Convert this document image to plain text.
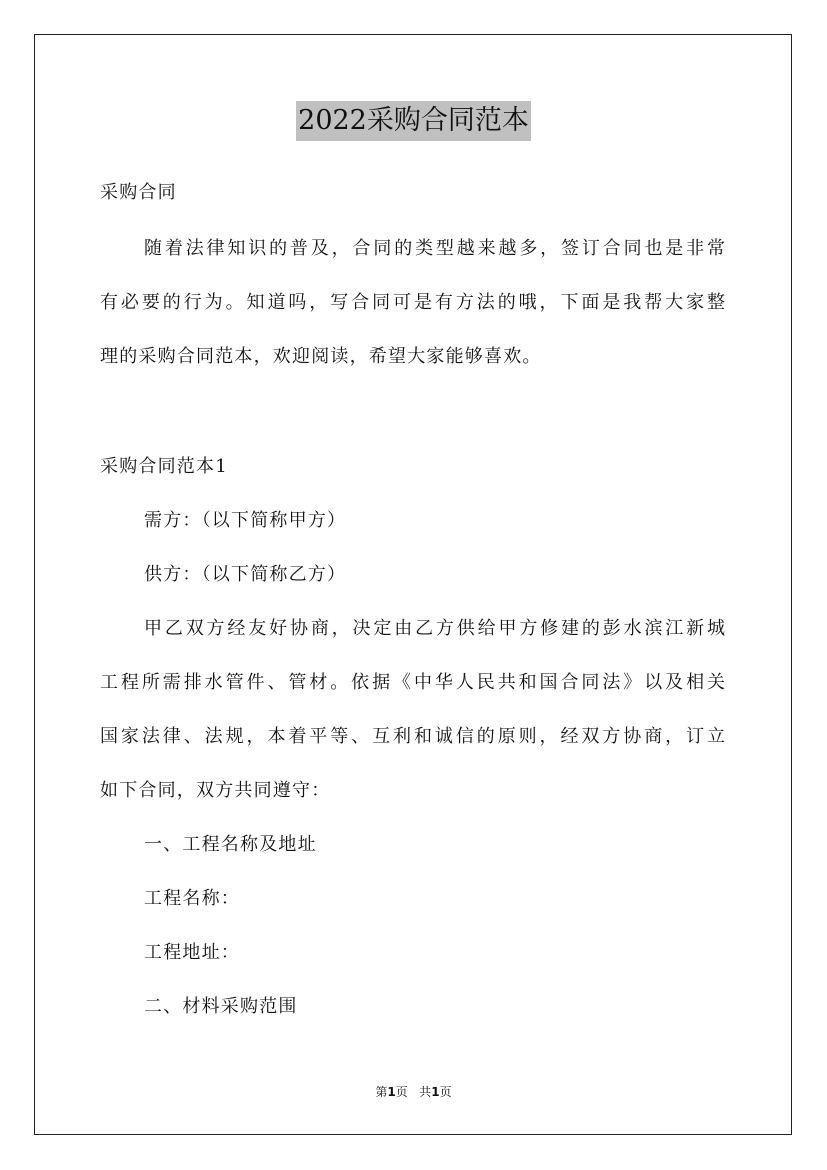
2022采购合同范本
采购合同
随着法律知识的普及，合同的类型越来越多，签订合同也是非常
有必要的行为。知道吗，写合同可是有方法的哦，下面是我帮大家整
理的采购合同范本，欢迎阅读，希望大家能够喜欢。
采购合同范本1
需方：（以下简称甲方）
供方：（以下简称乙方）
甲乙双方经友好协商，决定由乙方供给甲方修建的彭水滨江新城
工程所需排水管件、管材。依据《中华人民共和国合同法》以及相关
国家法律、法规，本着平等、互利和诚信的原则，经双方协商，订立
如下合同，双方共同遵守：
一、工程名称及地址
工程名称：
工程地址：
二、材料采购范围
第1页 共1页
